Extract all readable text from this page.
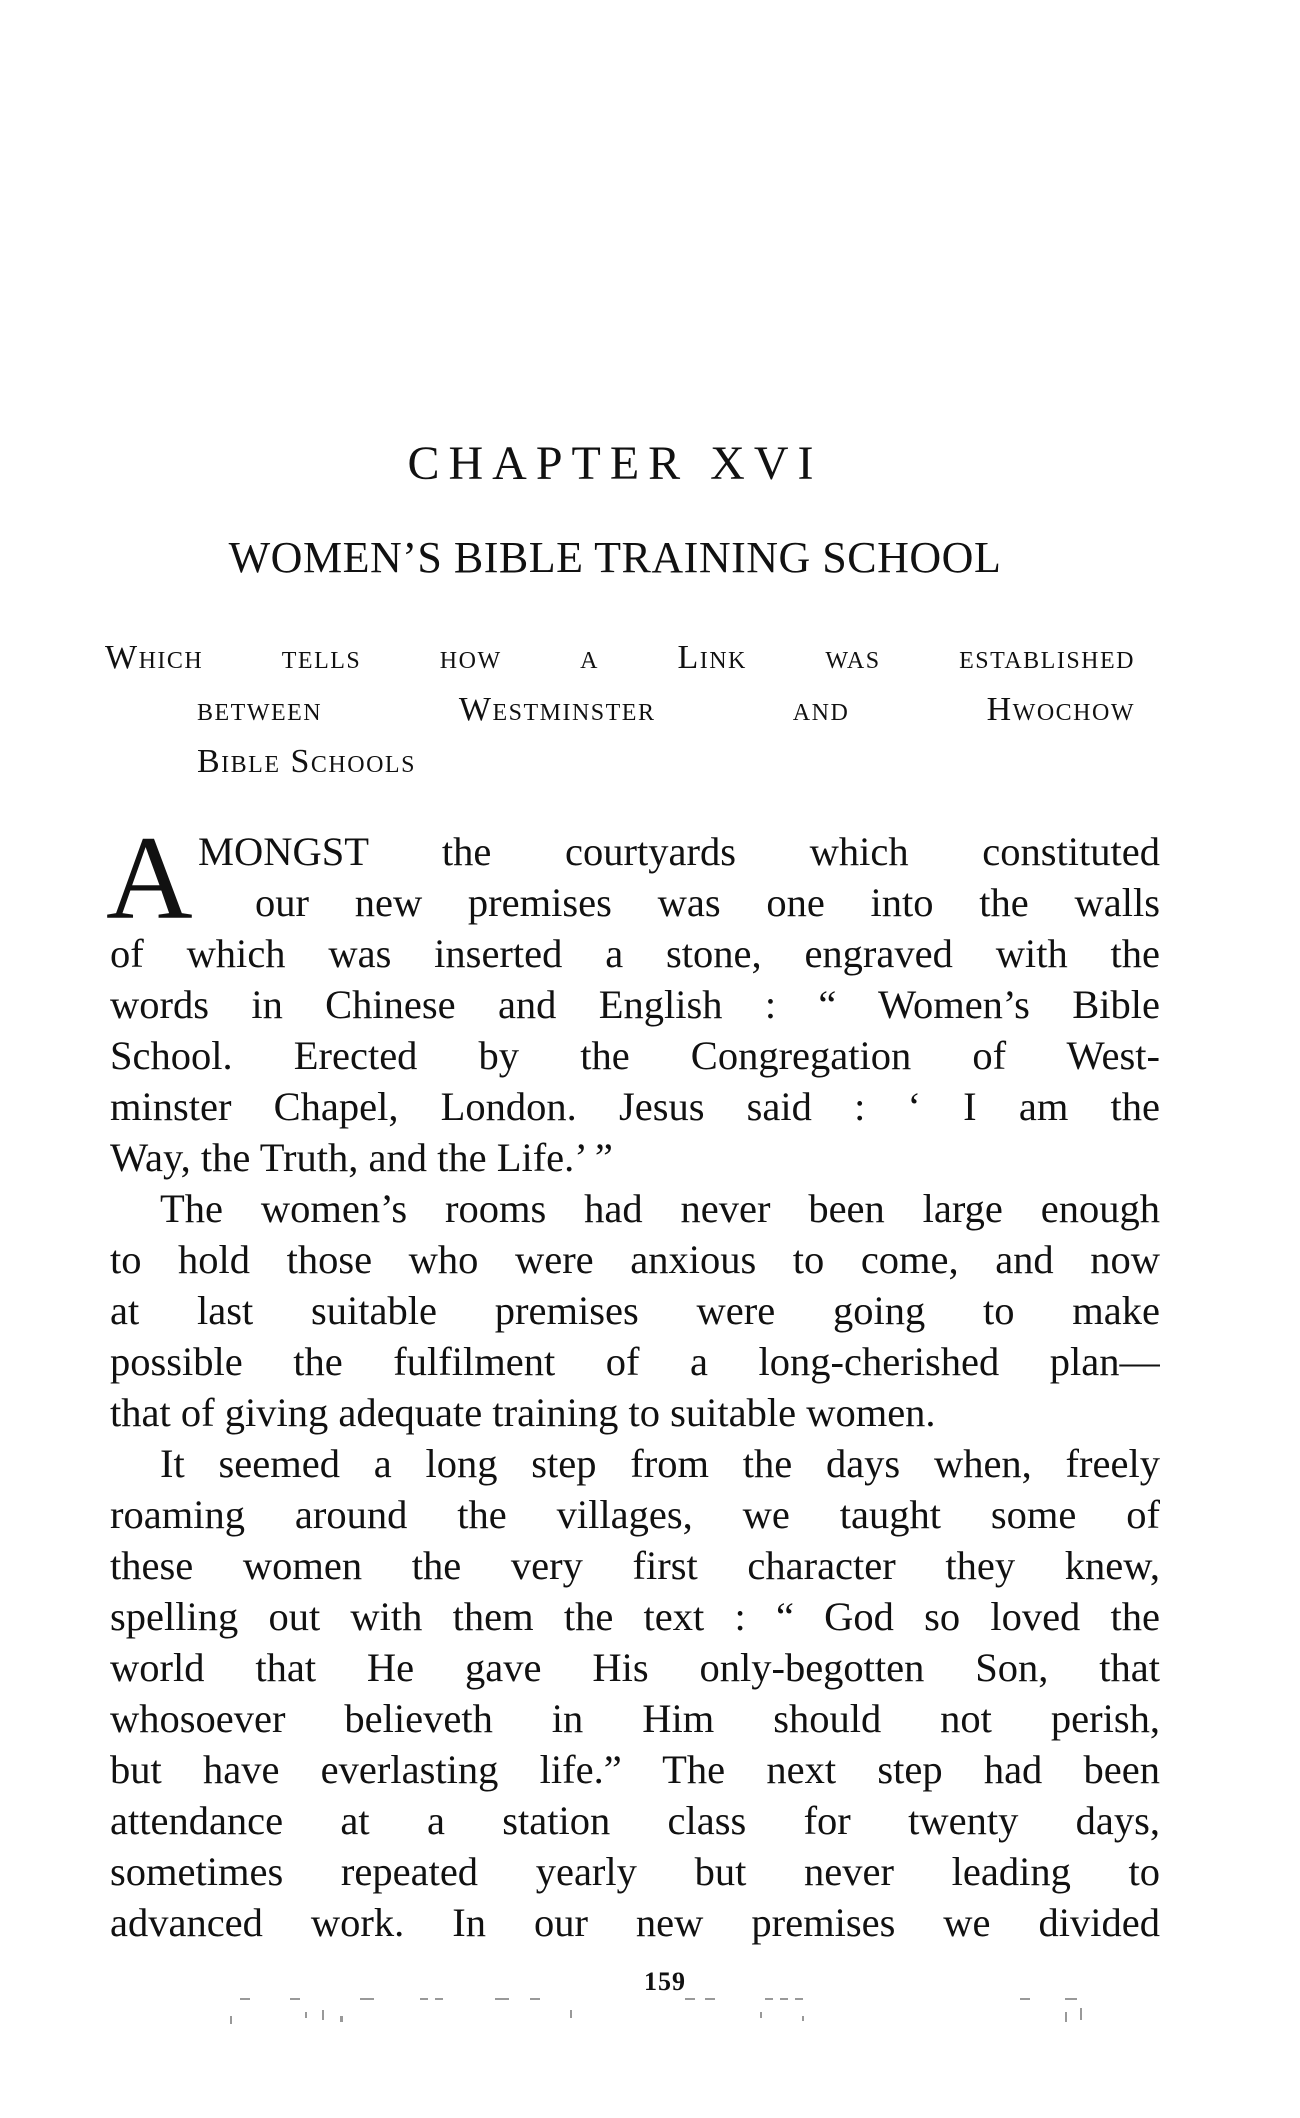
CHAPTER XVI
WOMEN’S BIBLE TRAINING SCHOOL
Which tells how a Link was established
between Westminster and Hwochow
Bible Schools
A MONGST the courtyards which constituted
our new premises was one into the walls
of which was inserted a stone, engraved with the
words in Chinese and English : “ Women’s Bible
School. Erected by the Congregation of West-
minster Chapel, London. Jesus said : ‘ I am the
Way, the Truth, and the Life.’ ”
The women’s rooms had never been large enough
to hold those who were anxious to come, and now
at last suitable premises were going to make
possible the fulfilment of a long-cherished plan—
that of giving adequate training to suitable women.
It seemed a long step from the days when, freely
roaming around the villages, we taught some of
these women the very first character they knew,
spelling out with them the text : “ God so loved the
world that He gave His only-begotten Son, that
whosoever believeth in Him should not perish,
but have everlasting life.” The next step had been
attendance at a station class for twenty days,
sometimes repeated yearly but never leading to
advanced work. In our new premises we divided
159
